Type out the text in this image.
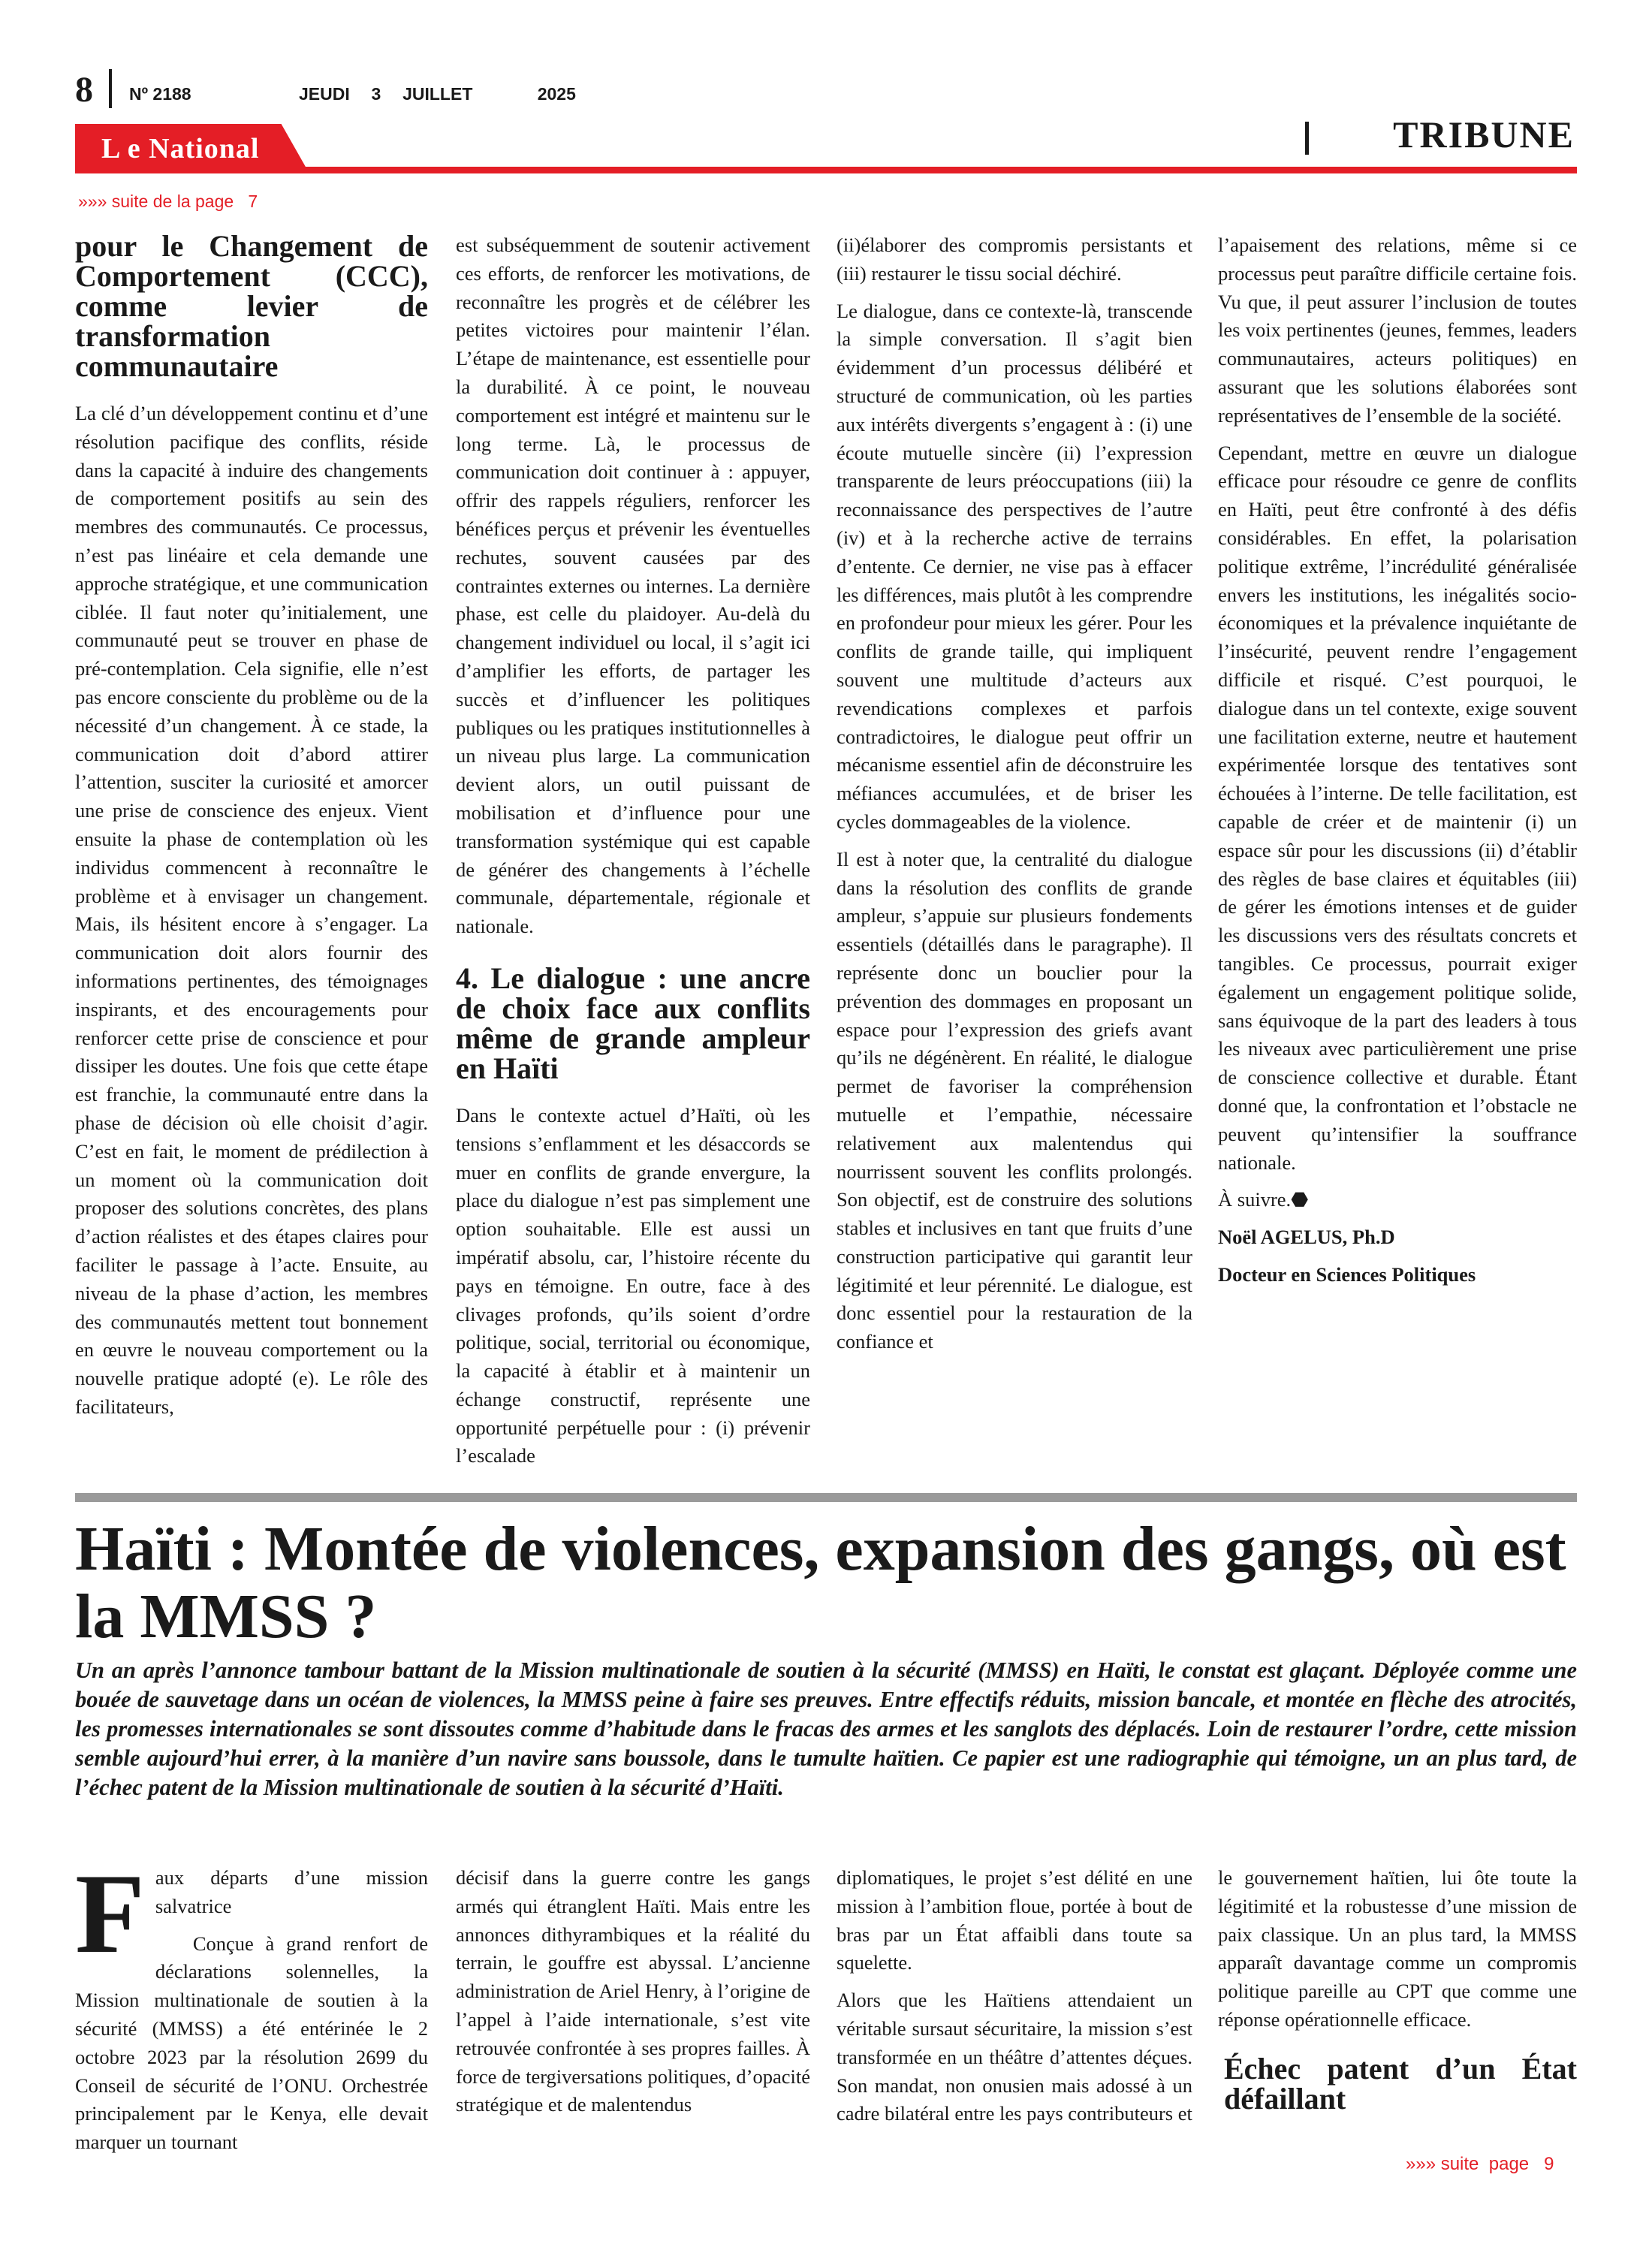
8 Nº 2188	JEUDI  3  JUILLET      2025
TRIBUNE
L e National
»»» suite de la page   7
pour le Changement de Comportement (CCC), comme levier de transformation communautaire

La clé d’un développement continu et d’une résolution pacifique des conflits, réside dans la capacité à induire des changements de comportement positifs au sein des membres des communautés. Ce processus, n’est pas linéaire et cela demande une approche stratégique, et une communication ciblée. Il faut noter qu’initialement, une communauté peut se trouver en phase de pré-contemplation. Cela signifie, elle n’est pas encore consciente du problème ou de la nécessité d’un changement. À ce stade, la communication doit d’abord attirer l’attention, susciter la curiosité et amorcer une prise de conscience des enjeux. Vient ensuite la phase de contemplation où les individus commencent à reconnaître le problème et à envisager un changement. Mais, ils hésitent encore à s’engager. La communication doit alors fournir des informations pertinentes, des témoignages inspirants, et des encouragements pour renforcer cette prise de conscience et pour dissiper les doutes. Une fois que cette étape est franchie, la communauté entre dans la phase de décision où elle choisit d’agir. C’est en fait, le moment de prédilection à un moment où la communication doit proposer des solutions concrètes, des plans d’action réalistes et des étapes claires pour faciliter le passage à l’acte. Ensuite, au niveau de la phase d’action, les membres des communautés mettent tout bonnement en œuvre le nouveau comportement ou la nouvelle pratique adopté (e). Le rôle des facilitateurs,

est subséquemment de soutenir activement ces efforts, de renforcer les motivations, de reconnaître les progrès et de célébrer les petites victoires pour maintenir l’élan. L’étape de maintenance, est essentielle pour la durabilité. À ce point, le nouveau comportement est intégré et maintenu sur le long terme. Là, le processus de communication doit continuer à : appuyer, offrir des rappels réguliers, renforcer les bénéfices perçus et prévenir les éventuelles rechutes, souvent causées par des contraintes externes ou internes. La dernière phase, est celle du plaidoyer. Au-delà du changement individuel ou local, il s’agit ici d’amplifier les efforts, de partager les succès et d’influencer les politiques publiques ou les pratiques institutionnelles à un niveau plus large. La communication devient alors, un outil puissant de mobilisation et d’influence pour une transformation systémique qui est capable de générer des changements à l’échelle communale, départementale, régionale et nationale.

4. Le dialogue : une ancre de choix face aux conflits même de grande ampleur en Haïti

Dans le contexte actuel d’Haïti, où les tensions s’enflamment et les désaccords se muer en conflits de grande envergure, la place du dialogue n’est pas simplement une option souhaitable. Elle est aussi un impératif absolu, car, l’histoire récente du pays en témoigne. En outre, face à des clivages profonds, qu’ils soient d’ordre politique, social, territorial ou économique, la capacité à établir et à maintenir un échange constructif, représente une opportunité perpétuelle pour : (i) prévenir l’escalade

(ii)élaborer des compromis persistants et (iii) restaurer le tissu social déchiré.

Le dialogue, dans ce contexte-là, transcende la simple conversation. Il s’agit bien évidemment d’un processus délibéré et structuré de communication, où les parties aux intérêts divergents s’engagent à : (i) une écoute mutuelle sincère (ii) l’expression transparente de leurs préoccupations (iii) la reconnaissance des perspectives de l’autre (iv) et à la recherche active de terrains d’entente. Ce dernier, ne vise pas à effacer les différences, mais plutôt à les comprendre en profondeur pour mieux les gérer. Pour les conflits de grande taille, qui impliquent souvent une multitude d’acteurs aux revendications complexes et parfois contradictoires, le dialogue peut offrir un mécanisme essentiel afin de déconstruire les méfiances accumulées, et de briser les cycles dommageables de la violence.

Il est à noter que, la centralité du dialogue dans la résolution des conflits de grande ampleur, s’appuie sur plusieurs fondements essentiels (détaillés dans le paragraphe). Il représente donc un bouclier pour la prévention des dommages en proposant un espace pour l’expression des griefs avant qu’ils ne dégénèrent. En réalité, le dialogue permet de favoriser la compréhension mutuelle et l’empathie, nécessaire relativement aux malentendus qui nourrissent souvent les conflits prolongés. Son objectif, est de construire des solutions stables et inclusives en tant que fruits d’une construction participative qui garantit leur légitimité et leur pérennité. Le dialogue, est donc essentiel pour la restauration de la confiance et

l’apaisement des relations, même si ce processus peut paraître difficile certaine fois. Vu que, il peut assurer l’inclusion de toutes les voix pertinentes (jeunes, femmes, leaders communautaires, acteurs politiques) en assurant que les solutions élaborées sont représentatives de l’ensemble de la société.

Cependant, mettre en œuvre un dialogue efficace pour résoudre ce genre de conflits en Haïti, peut être confronté à des défis considérables. En effet, la polarisation politique extrême, l’incrédulité généralisée envers les institutions, les inégalités socio-économiques et la prévalence inquiétante de l’insécurité, peuvent rendre l’engagement difficile et risqué. C’est pourquoi, le dialogue dans un tel contexte, exige souvent une facilitation externe, neutre et hautement expérimentée lorsque des tentatives sont échouées à l’interne. De telle facilitation, est capable de créer et de maintenir (i) un espace sûr pour les discussions (ii) d’établir des règles de base claires et équitables (iii) de gérer les émotions intenses et de guider les discussions vers des résultats concrets et tangibles. Ce processus, pourrait exiger également un engagement politique solide, sans équivoque de la part des leaders à tous les niveaux avec particulièrement une prise de conscience collective et durable. Étant donné que, la confrontation et l’obstacle ne peuvent qu’intensifier la souffrance nationale.

À suivre.⬣

Noël AGELUS, Ph.D

Docteur en Sciences Politiques

Haïti : Montée de violences, expansion des gangs, où est la MMSS ?
Un an après l’annonce tambour battant de la Mission multinationale de soutien à la sécurité (MMSS) en Haïti, le constat est glaçant. Déployée comme une bouée de sauvetage dans un océan de violences, la MMSS peine à faire ses preuves. Entre effectifs réduits, mission bancale, et montée en flèche des atrocités, les promesses internationales se sont dissoutes comme d’habitude dans le fracas des armes et les sanglots des déplacés. Loin de restaurer l’ordre, cette mission semble aujourd’hui errer, à la manière d’un navire sans boussole, dans le tumulte haïtien. Ce papier est une radiographie qui témoigne, un an plus tard, de l’échec patent de la Mission multinationale de soutien à la sécurité d’Haïti.
F aux départs d’une mission salvatrice

Conçue à grand renfort de déclarations solennelles, la Mission multinationale de soutien à la sécurité (MMSS) a été entérinée le 2 octobre 2023 par la résolution 2699 du Conseil de sécurité de l’ONU. Orchestrée principalement par le Kenya, elle devait marquer un tournant

décisif dans la guerre contre les gangs armés qui étranglent Haïti. Mais entre les annonces dithyrambiques et la réalité du terrain, le gouffre est abyssal. L’ancienne administration de Ariel Henry, à l’origine de l’appel à l’aide internationale, s’est vite retrouvée confrontée à ses propres failles. À force de tergiversations politiques, d’opacité stratégique et de malentendus

diplomatiques, le projet s’est délité en une mission à l’ambition floue, portée à bout de bras par un État affaibli dans toute sa squelette.

Alors que les Haïtiens attendaient un véritable sursaut sécuritaire, la mission s’est transformée en un théâtre d’attentes déçues. Son mandat, non onusien mais adossé à un cadre bilatéral entre les pays contributeurs et

le gouvernement haïtien, lui ôte toute la légitimité et la robustesse d’une mission de paix classique. Un an plus tard, la MMSS apparaît davantage comme un compromis politique pareille au CPT que comme une réponse opérationnelle efficace.

Échec patent d’un État défaillant
»»» suite  page   9
